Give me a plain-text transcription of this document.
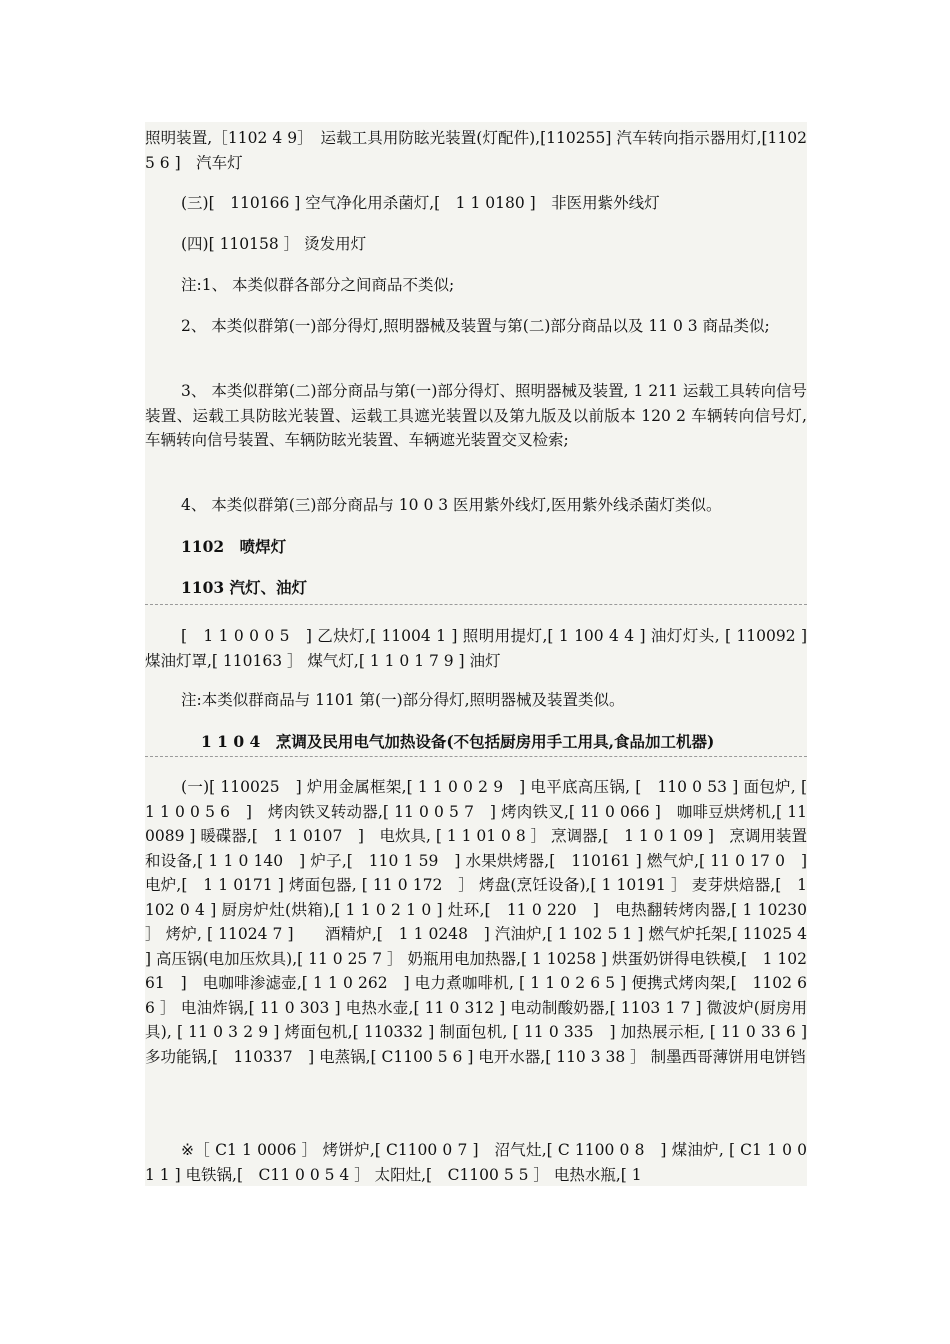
照明装置,［1102 4 9］　运载工具用防眩光装置(灯配件),[110255] 汽车转向指示器用灯,[11025 6 ]　汽车灯

(三)[　110166 ] 空气净化用杀菌灯,[　1 1 0180 ]　非医用紫外线灯

(四)[ 110158 ］ 烫发用灯

注:1、 本类似群各部分之间商品不类似;

2、 本类似群第(一)部分得灯,照明器械及装置与第(二)部分商品以及 11 0 3 商品类似;

3、 本类似群第(二)部分商品与第(一)部分得灯、照明器械及装置, 1 211 运载工具转向信号装置、运载工具防眩光装置、运载工具遮光装置以及第九版及以前版本 120 2 车辆转向信号灯,车辆转向信号装置、车辆防眩光装置、车辆遮光装置交叉检索;

4、 本类似群第(三)部分商品与 10 0 3 医用紫外线灯,医用紫外线杀菌灯类似。

1102　喷焊灯

1103 汽灯、油灯

[　1 1 0 0 0 5　] 乙炔灯,[ 11004 1 ] 照明用提灯,[ 1 100 4 4 ] 油灯灯头, [ 110092 ] 煤油灯罩,[ 110163 ］ 煤气灯,[ 1 1 0 1 7 9 ] 油灯

注:本类似群商品与 1101 第(一)部分得灯,照明器械及装置类似。

1 1 0 4　烹调及民用电气加热设备(不包括厨房用手工用具,食品加工机器)

(一)[ 110025　] 炉用金属框架,[ 1 1 0 0 2 9　] 电平底高压锅, [　110 0 53 ] 面包炉, [ 1 1 0 0 5 6　]　烤肉铁叉转动器,[ 11 0 0 5 7　] 烤肉铁叉,[ 11 0 066 ]　咖啡豆烘烤机,[ 110089 ] 暖碟器,[　1 1 0107　]　电炊具, [ 1 1 01 0 8 ］ 烹调器,[　1 1 0 1 09 ]　烹调用装置和设备,[ 1 1 0 140　] 炉子,[　110 1 59　] 水果烘烤器,[　110161 ] 燃气炉,[ 11 0 17 0　]　电炉,[　1 1 0171 ] 烤面包器, [ 11 0 172　］ 烤盘(烹饪设备),[ 1 10191 ］ 麦芽烘焙器,[　1 102 0 4 ] 厨房炉灶(烘箱),[ 1 1 0 2 1 0 ] 灶环,[　11 0 220　]　电热翻转烤肉器,[ 1 10230 ］ 烤炉, [ 11024 7 ]　　酒精炉,[　1 1 0248　] 汽油炉,[ 1 102 5 1 ] 燃气炉托架,[ 11025 4 ] 高压锅(电加压炊具),[ 11 0 25 7 ］ 奶瓶用电加热器,[ 1 10258 ] 烘蛋奶饼得电铁模,[　1 10261　]　电咖啡渗滤壶,[ 1 1 0 262　] 电力煮咖啡机, [ 1 1 0 2 6 5 ] 便携式烤肉架,[　1102 6 6 ］ 电油炸锅,[ 11 0 303 ] 电热水壶,[ 11 0 312 ] 电动制酸奶器,[ 1103 1 7 ] 微波炉(厨房用具), [ 11 0 3 2 9 ] 烤面包机,[ 110332 ] 制面包机, [ 11 0 335　] 加热展示柜, [ 11 0 33 6 ] 多功能锅,[　110337　] 电蒸锅,[ C1100 5 6 ] 电开水器,[ 110 3 38 ］ 制墨西哥薄饼用电饼铛

※［ C1 1 0006 ］ 烤饼炉,[ C1100 0 7 ]　沼气灶,[ C 1100 0 8　] 煤油炉, [ C1 1 0 0 1 1 ] 电铁锅,[　C11 0 0 5 4 ］ 太阳灶,[　C1100 5 5 ］ 电热水瓶,[ 1
